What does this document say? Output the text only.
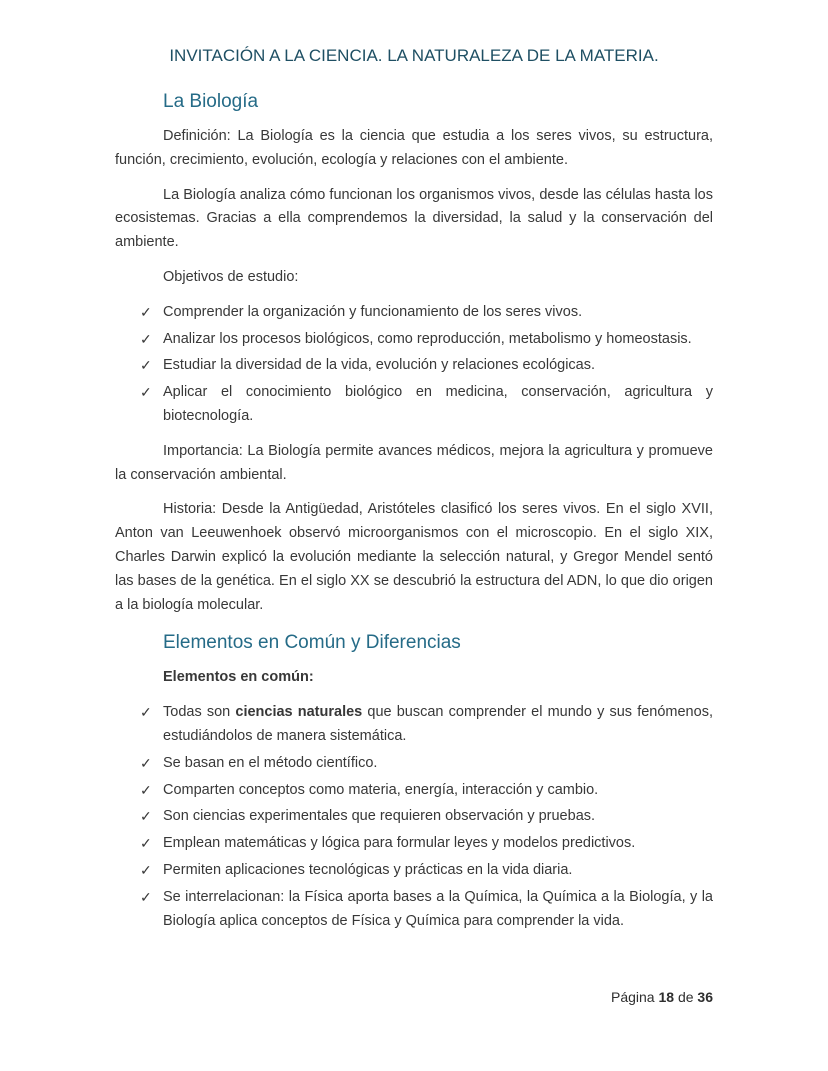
INVITACIÓN A LA CIENCIA. LA NATURALEZA DE LA MATERIA.
La Biología

Definición: La Biología es la ciencia que estudia a los seres vivos, su estructura, función, crecimiento, evolución, ecología y relaciones con el ambiente.

La Biología analiza cómo funcionan los organismos vivos, desde las células hasta los ecosistemas. Gracias a ella comprendemos la diversidad, la salud y la conservación del ambiente.

Objetivos de estudio:

✓ Comprender la organización y funcionamiento de los seres vivos.
✓ Analizar los procesos biológicos, como reproducción, metabolismo y homeostasis.
✓ Estudiar la diversidad de la vida, evolución y relaciones ecológicas.
✓ Aplicar el conocimiento biológico en medicina, conservación, agricultura y biotecnología.

Importancia: La Biología permite avances médicos, mejora la agricultura y promueve la conservación ambiental.

Historia: Desde la Antigüedad, Aristóteles clasificó los seres vivos. En el siglo XVII, Anton van Leeuwenhoek observó microorganismos con el microscopio. En el siglo XIX, Charles Darwin explicó la evolución mediante la selección natural, y Gregor Mendel sentó las bases de la genética. En el siglo XX se descubrió la estructura del ADN, lo que dio origen a la biología molecular.

Elementos en Común y Diferencias

Elementos en común:

✓ Todas son ciencias naturales que buscan comprender el mundo y sus fenómenos, estudiándolos de manera sistemática.
✓ Se basan en el método científico.
✓ Comparten conceptos como materia, energía, interacción y cambio.
✓ Son ciencias experimentales que requieren observación y pruebas.
✓ Emplean matemáticas y lógica para formular leyes y modelos predictivos.
✓ Permiten aplicaciones tecnológicas y prácticas en la vida diaria.
✓ Se interrelacionan: la Física aporta bases a la Química, la Química a la Biología, y la Biología aplica conceptos de Física y Química para comprender la vida.
Página 18 de 36
